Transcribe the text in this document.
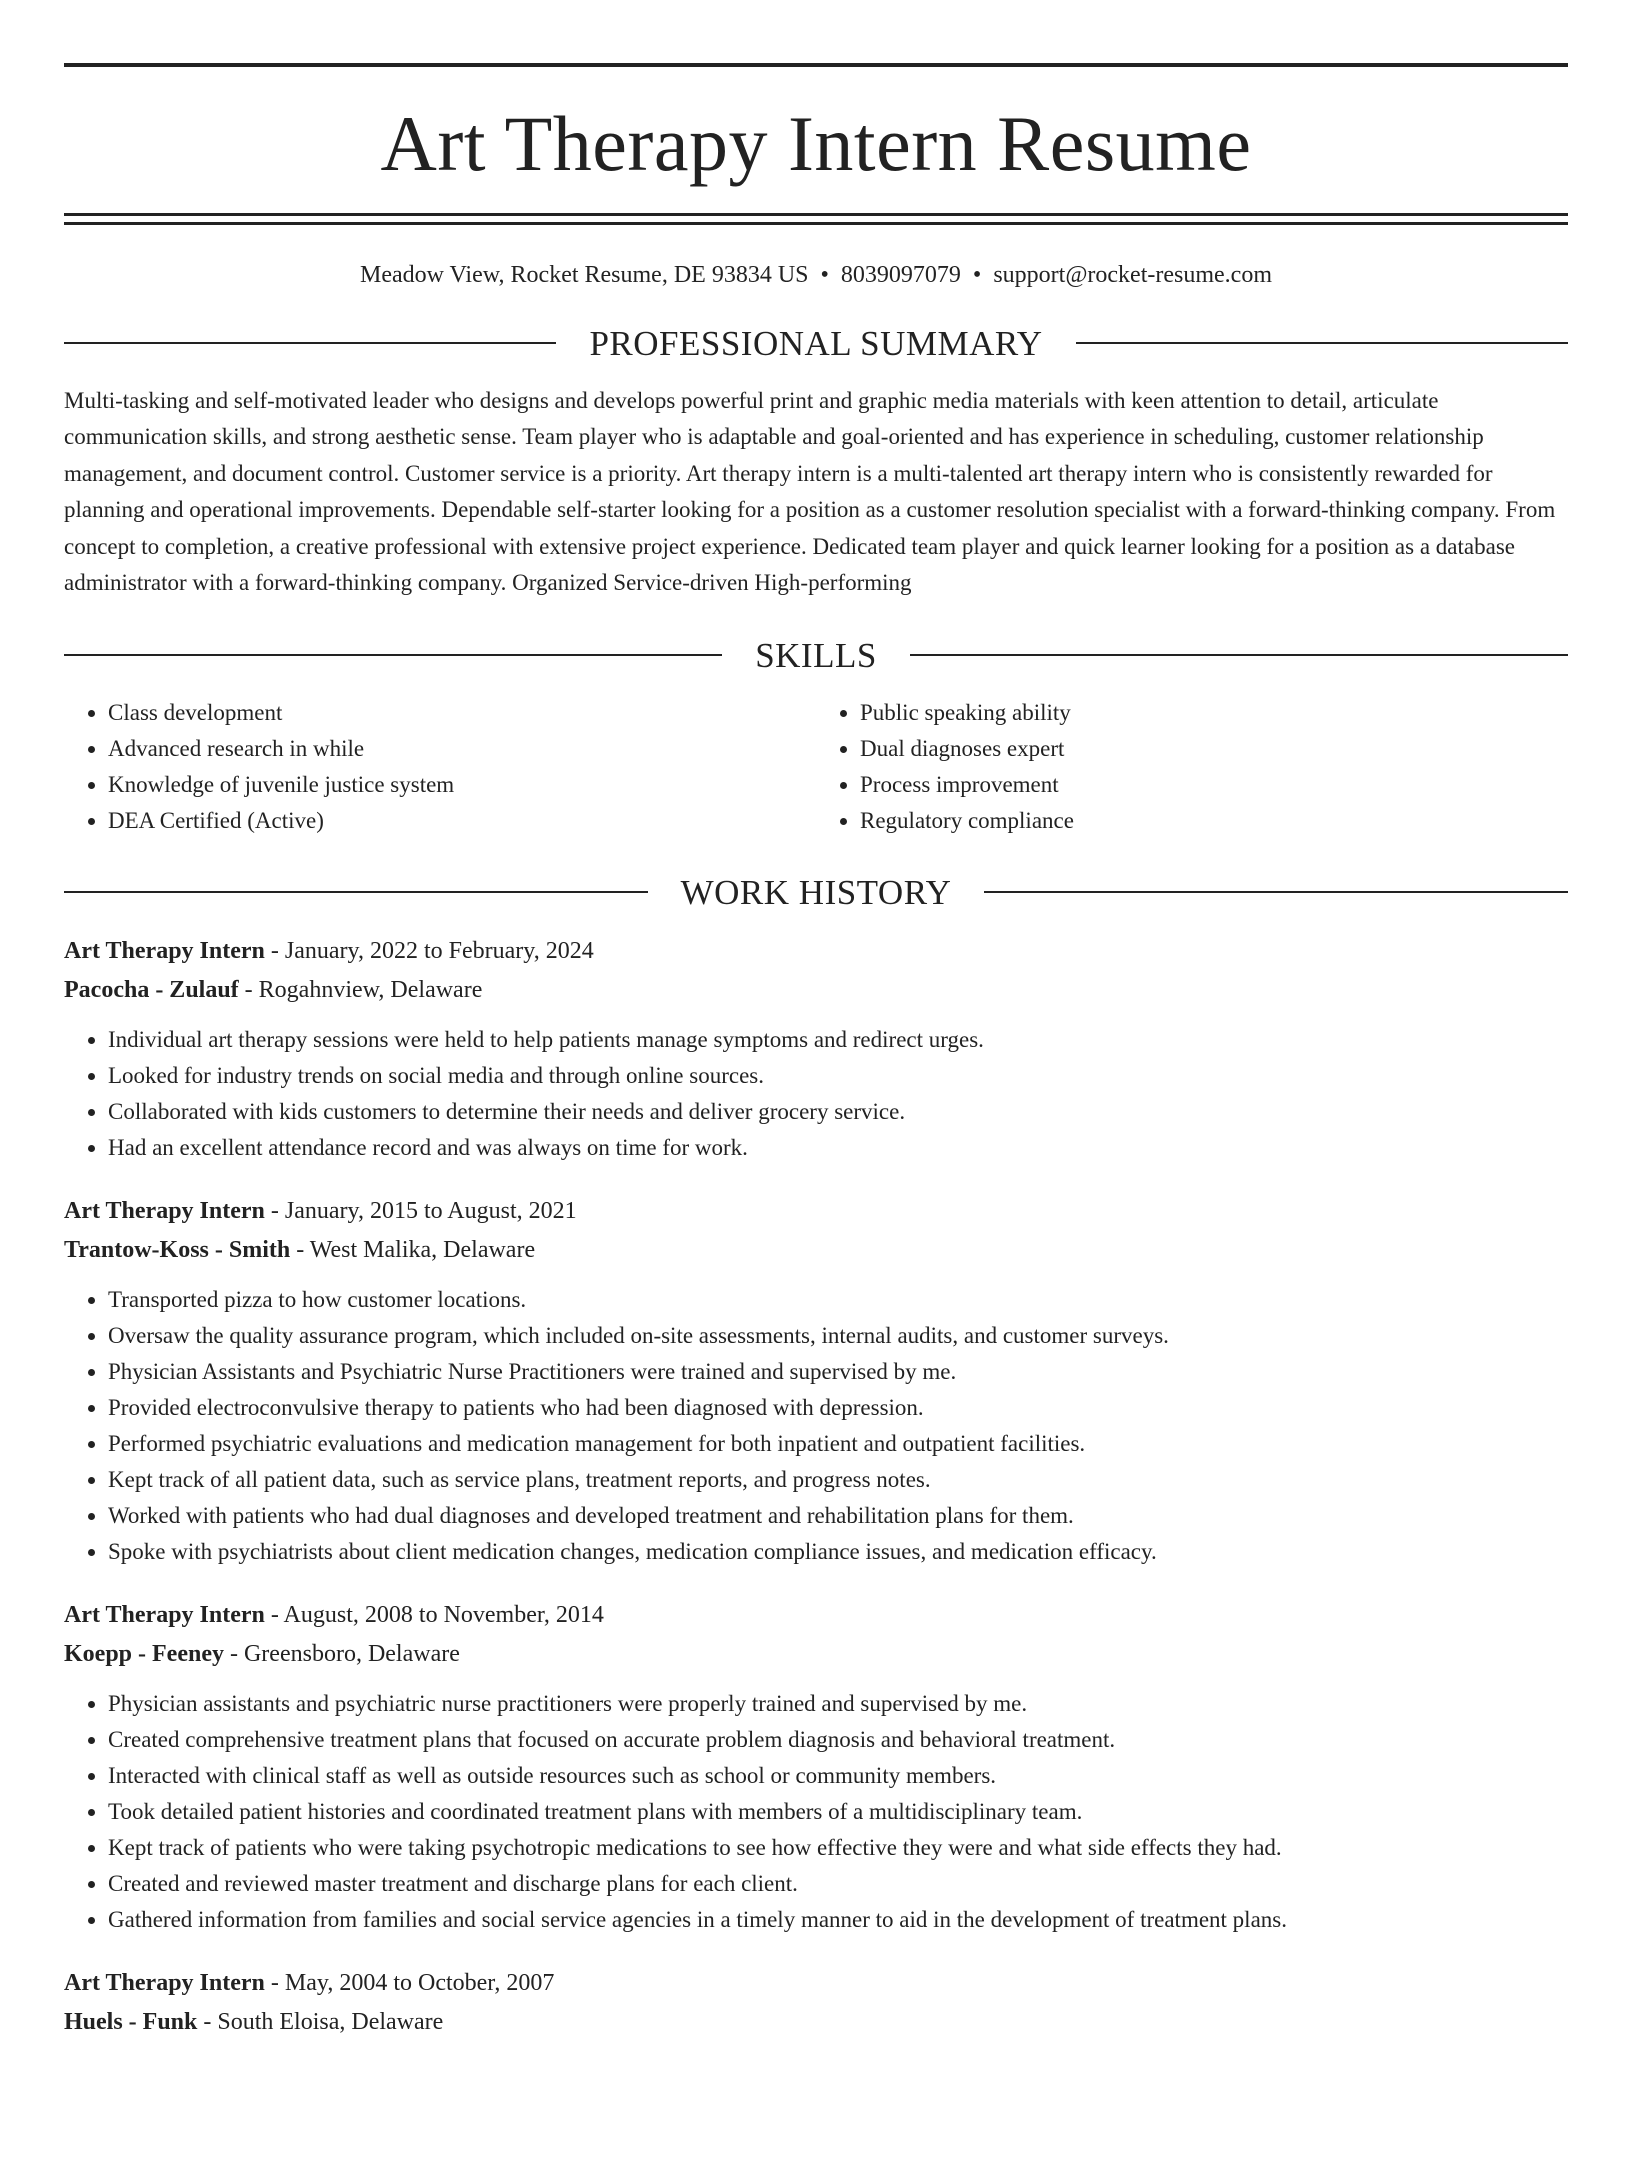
Art Therapy Intern Resume
Meadow View, Rocket Resume, DE 93834 US • 8039097079 • support@rocket-resume.com
PROFESSIONAL SUMMARY
Multi-tasking and self-motivated leader who designs and develops powerful print and graphic media materials with keen attention to detail, articulate communication skills, and strong aesthetic sense. Team player who is adaptable and goal-oriented and has experience in scheduling, customer relationship management, and document control. Customer service is a priority. Art therapy intern is a multi-talented art therapy intern who is consistently rewarded for planning and operational improvements. Dependable self-starter looking for a position as a customer resolution specialist with a forward-thinking company. From concept to completion, a creative professional with extensive project experience. Dedicated team player and quick learner looking for a position as a database administrator with a forward-thinking company. Organized Service-driven High-performing
SKILLS
• Class development
• Advanced research in while
• Knowledge of juvenile justice system
• DEA Certified (Active)
• Public speaking ability
• Dual diagnoses expert
• Process improvement
• Regulatory compliance
WORK HISTORY
Art Therapy Intern - January, 2022 to February, 2024
Pacocha - Zulauf - Rogahnview, Delaware
• Individual art therapy sessions were held to help patients manage symptoms and redirect urges.
• Looked for industry trends on social media and through online sources.
• Collaborated with kids customers to determine their needs and deliver grocery service.
• Had an excellent attendance record and was always on time for work.
Art Therapy Intern - January, 2015 to August, 2021
Trantow-Koss - Smith - West Malika, Delaware
• Transported pizza to how customer locations.
• Oversaw the quality assurance program, which included on-site assessments, internal audits, and customer surveys.
• Physician Assistants and Psychiatric Nurse Practitioners were trained and supervised by me.
• Provided electroconvulsive therapy to patients who had been diagnosed with depression.
• Performed psychiatric evaluations and medication management for both inpatient and outpatient facilities.
• Kept track of all patient data, such as service plans, treatment reports, and progress notes.
• Worked with patients who had dual diagnoses and developed treatment and rehabilitation plans for them.
• Spoke with psychiatrists about client medication changes, medication compliance issues, and medication efficacy.
Art Therapy Intern - August, 2008 to November, 2014
Koepp - Feeney - Greensboro, Delaware
• Physician assistants and psychiatric nurse practitioners were properly trained and supervised by me.
• Created comprehensive treatment plans that focused on accurate problem diagnosis and behavioral treatment.
• Interacted with clinical staff as well as outside resources such as school or community members.
• Took detailed patient histories and coordinated treatment plans with members of a multidisciplinary team.
• Kept track of patients who were taking psychotropic medications to see how effective they were and what side effects they had.
• Created and reviewed master treatment and discharge plans for each client.
• Gathered information from families and social service agencies in a timely manner to aid in the development of treatment plans.
Art Therapy Intern - May, 2004 to October, 2007
Huels - Funk - South Eloisa, Delaware
